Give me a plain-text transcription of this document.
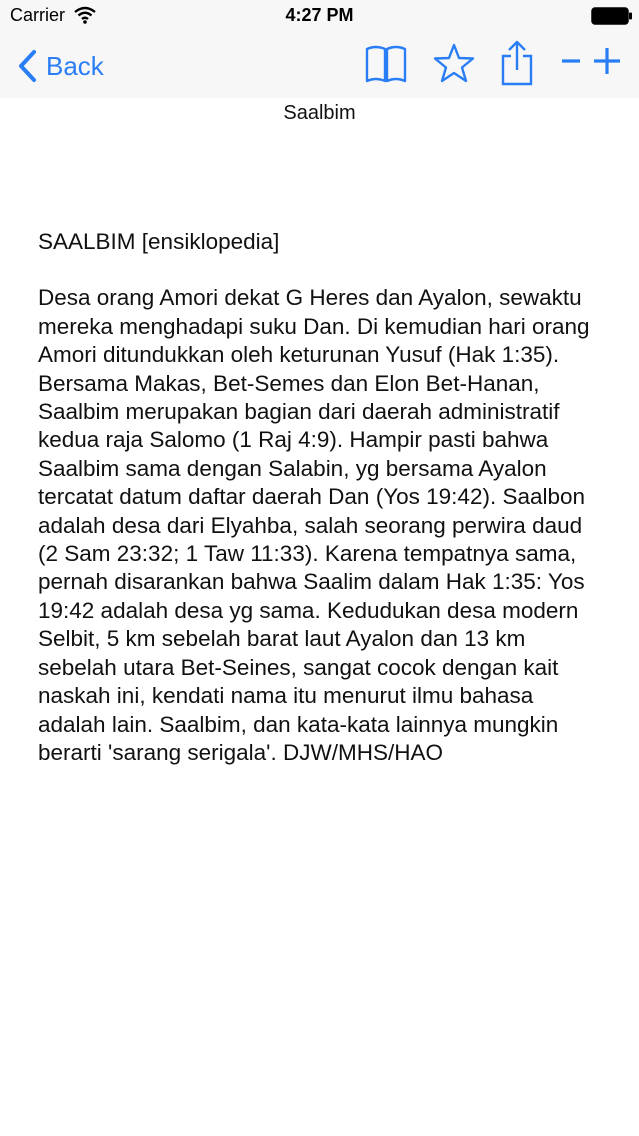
Carrier	4:27 PM
Back
Saalbim

SAALBIM [ensiklopedia]

Desa orang Amori dekat G Heres dan Ayalon, sewaktu mereka menghadapi suku Dan. Di kemudian hari orang Amori ditundukkan oleh keturunan Yusuf (Hak 1:35). Bersama Makas, Bet-Semes dan Elon Bet-Hanan, Saalbim merupakan bagian dari daerah administratif kedua raja Salomo (1 Raj 4:9). Hampir pasti bahwa Saalbim sama dengan Salabin, yg bersama Ayalon tercatat datum daftar daerah Dan (Yos 19:42). Saalbon adalah desa dari Elyahba, salah seorang perwira daud (2 Sam 23:32; 1 Taw 11:33). Karena tempatnya sama, pernah disarankan bahwa Saalim dalam Hak 1:35: Yos 19:42 adalah desa yg sama. Kedudukan desa modern Selbit, 5 km sebelah barat laut Ayalon dan 13 km sebelah utara Bet-Seines, sangat cocok dengan kait naskah ini, kendati nama itu menurut ilmu bahasa adalah lain. Saalbim, dan kata-kata lainnya mungkin berarti 'sarang serigala'. DJW/MHS/HAO
